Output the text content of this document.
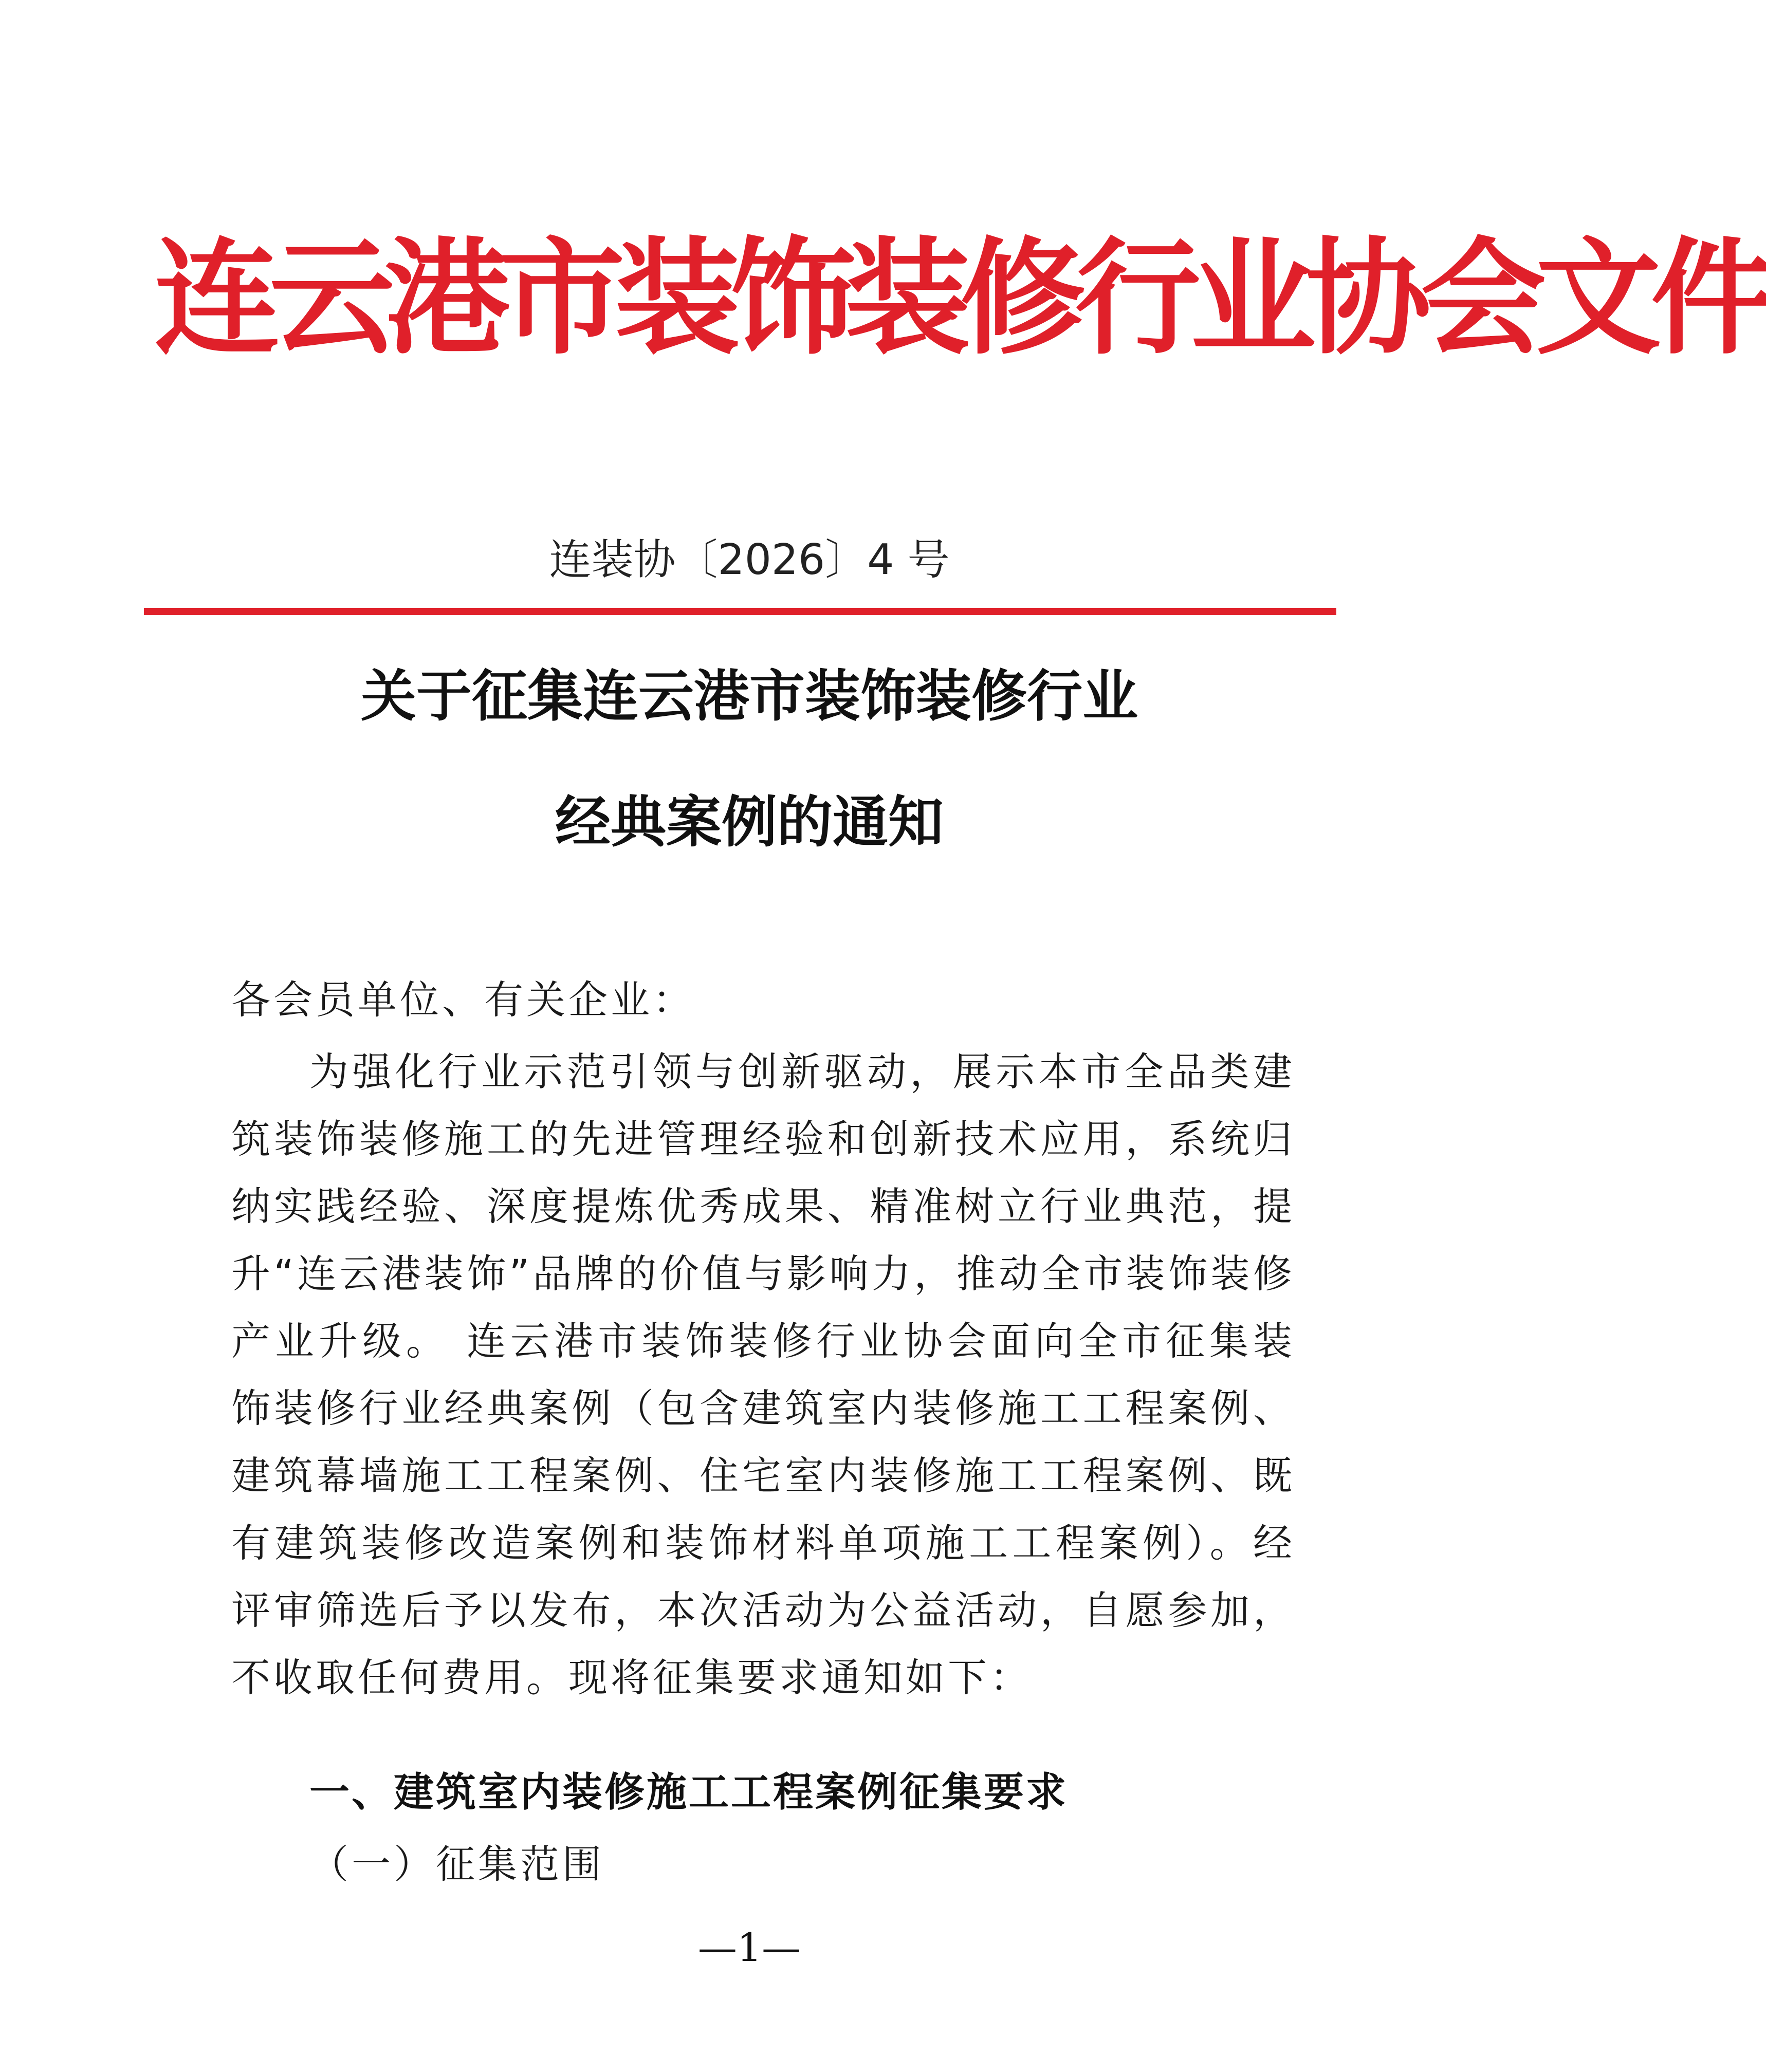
连云港市装饰装修行业协会文件
连装协〔2026〕4 号
关于征集连云港市装饰装修行业
经典案例的通知
各会员单位、有关企业：
为强化行业示范引领与创新驱动，展示本市全品类建筑装饰装修施工的先进管理经验和创新技术应用，系统归纳实践经验、深度提炼优秀成果、精准树立行业典范，提升“连云港装饰”品牌的价值与影响力，推动全市装饰装修产业升级。 连云港市装饰装修行业协会面向全市征集装饰装修行业经典案例（包含建筑室内装修施工工程案例、建筑幕墙施工工程案例、住宅室内装修施工工程案例、既有建筑装修改造案例和装饰材料单项施工工程案例）。经评审筛选后予以发布，本次活动为公益活动，自愿参加，不收取任何费用。现将征集要求通知如下：
一、建筑室内装修施工工程案例征集要求
（一）征集范围
—1—
